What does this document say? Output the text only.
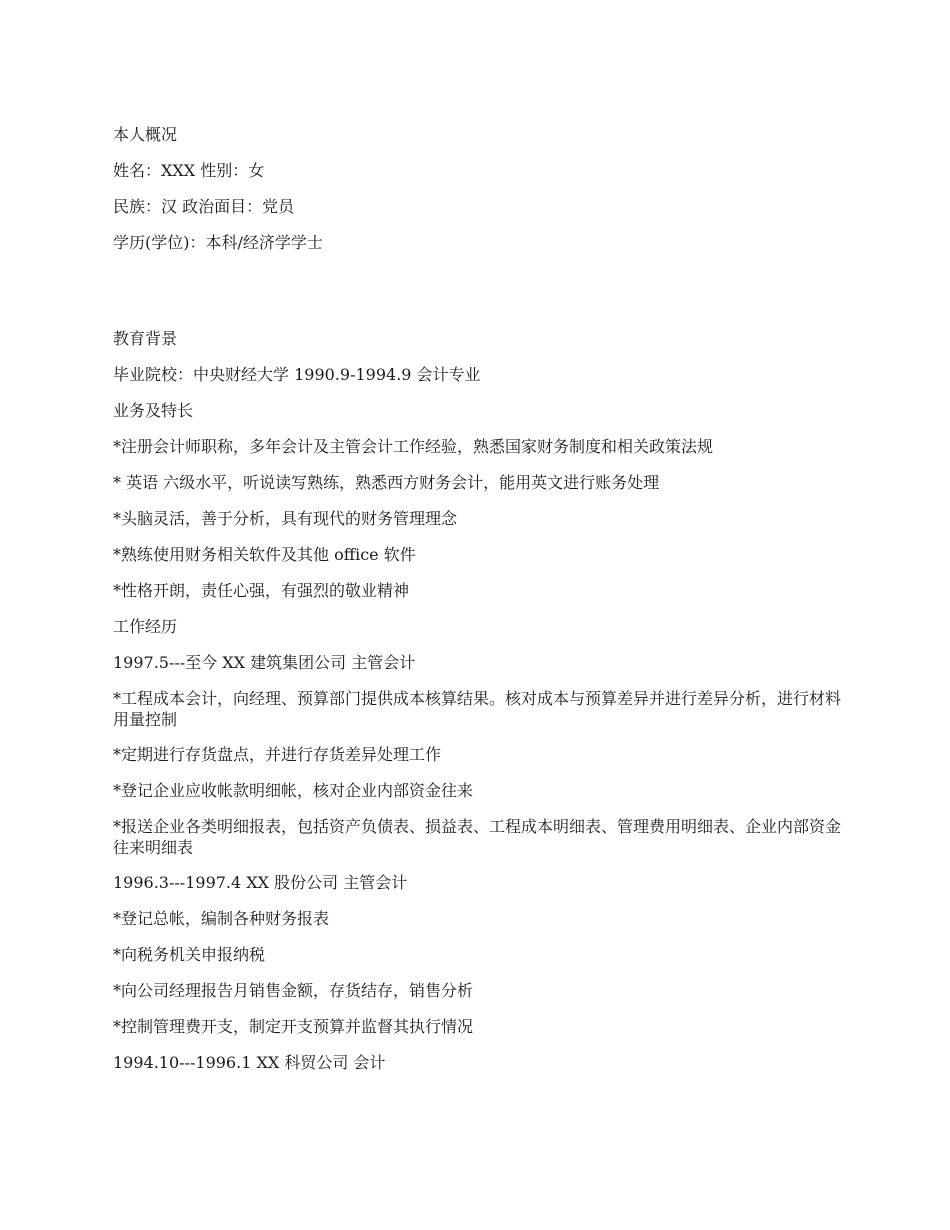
本人概况

姓名：XXX 性别：女

民族：汉 政治面目：党员

学历(学位)：本科/经济学学士

教育背景

毕业院校：中央财经大学 1990.9-1994.9 会计专业

业务及特长

*注册会计师职称，多年会计及主管会计工作经验，熟悉国家财务制度和相关政策法规

* 英语 六级水平，听说读写熟练，熟悉西方财务会计，能用英文进行账务处理

*头脑灵活，善于分析，具有现代的财务管理理念

*熟练使用财务相关软件及其他 office 软件

*性格开朗，责任心强，有强烈的敬业精神

工作经历

1997.5---至今 XX 建筑集团公司 主管会计

*工程成本会计，向经理、预算部门提供成本核算结果。核对成本与预算差异并进行差异分析，进行材料用量控制

*定期进行存货盘点，并进行存货差异处理工作

*登记企业应收帐款明细帐，核对企业内部资金往来

*报送企业各类明细报表，包括资产负债表、损益表、工程成本明细表、管理费用明细表、企业内部资金往来明细表

1996.3---1997.4 XX 股份公司 主管会计

*登记总帐，编制各种财务报表

*向税务机关申报纳税

*向公司经理报告月销售金额，存货结存，销售分析

*控制管理费开支，制定开支预算并监督其执行情况

1994.10---1996.1 XX 科贸公司 会计
